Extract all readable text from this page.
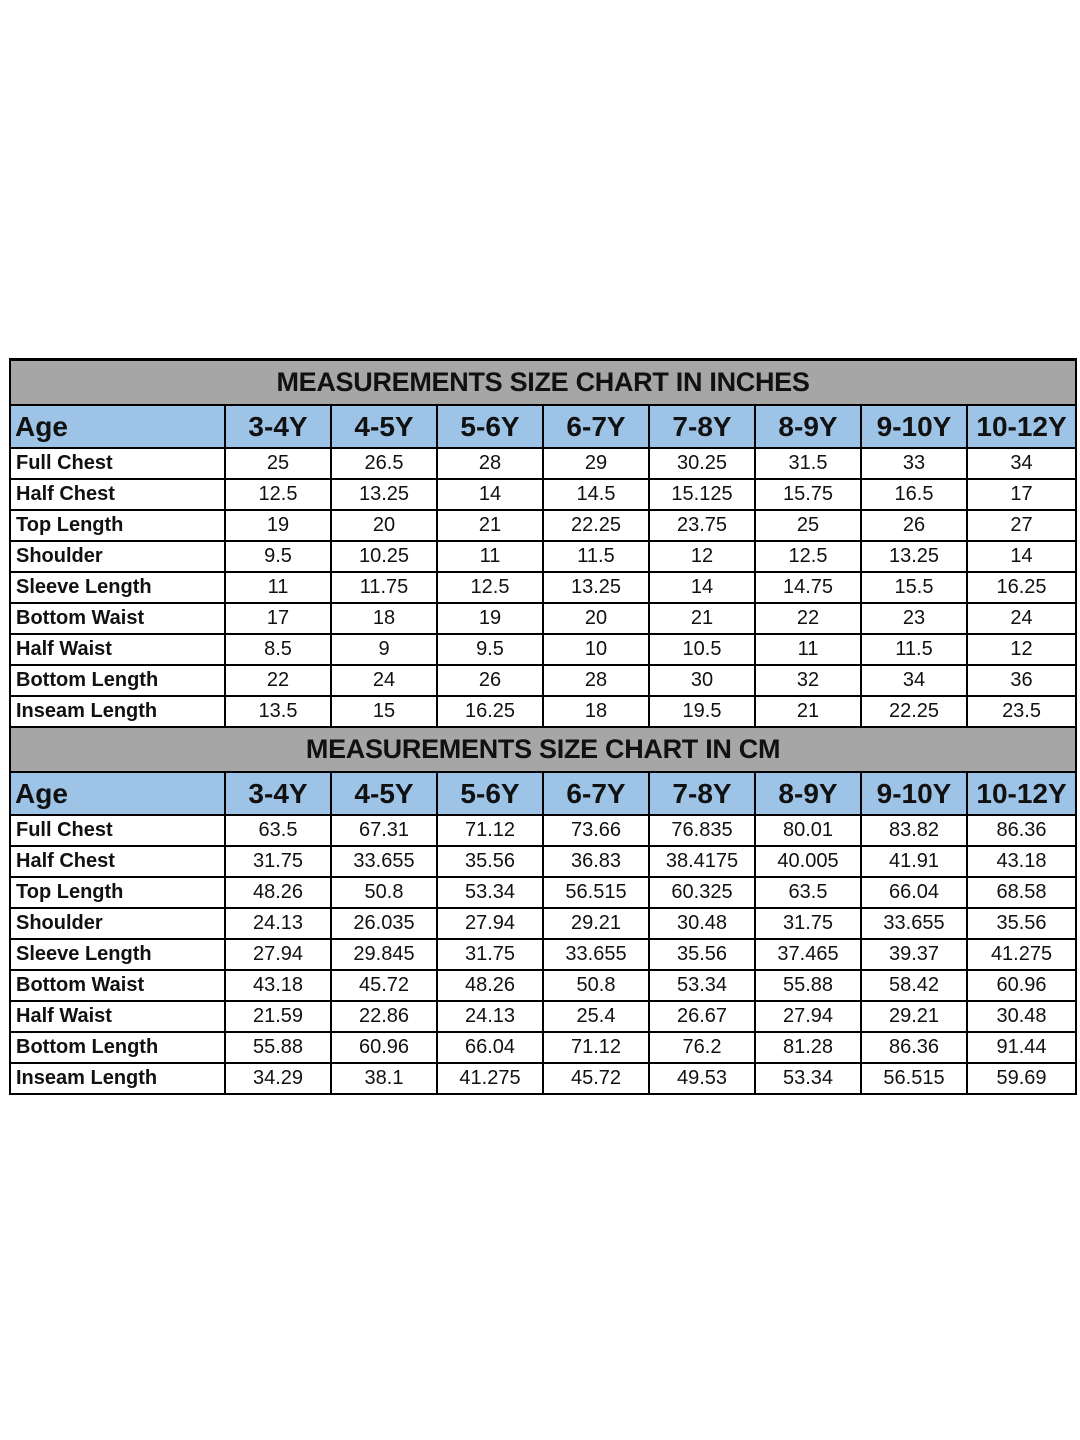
MEASUREMENTS SIZE CHART IN INCHES								
Age	3-4Y	4-5Y	5-6Y	6-7Y	7-8Y	8-9Y	9-10Y	10-12Y
Full Chest	25	26.5	28	29	30.25	31.5	33	34
Half Chest	12.5	13.25	14	14.5	15.125	15.75	16.5	17
Top Length	19	20	21	22.25	23.75	25	26	27
Shoulder	9.5	10.25	11	11.5	12	12.5	13.25	14
Sleeve Length	11	11.75	12.5	13.25	14	14.75	15.5	16.25
Bottom Waist	17	18	19	20	21	22	23	24
Half Waist	8.5	9	9.5	10	10.5	11	11.5	12
Bottom Length	22	24	26	28	30	32	34	36
Inseam Length	13.5	15	16.25	18	19.5	21	22.25	23.5
MEASUREMENTS SIZE CHART IN CM								
Age	3-4Y	4-5Y	5-6Y	6-7Y	7-8Y	8-9Y	9-10Y	10-12Y
Full Chest	63.5	67.31	71.12	73.66	76.835	80.01	83.82	86.36
Half Chest	31.75	33.655	35.56	36.83	38.4175	40.005	41.91	43.18
Top Length	48.26	50.8	53.34	56.515	60.325	63.5	66.04	68.58
Shoulder	24.13	26.035	27.94	29.21	30.48	31.75	33.655	35.56
Sleeve Length	27.94	29.845	31.75	33.655	35.56	37.465	39.37	41.275
Bottom Waist	43.18	45.72	48.26	50.8	53.34	55.88	58.42	60.96
Half Waist	21.59	22.86	24.13	25.4	26.67	27.94	29.21	30.48
Bottom Length	55.88	60.96	66.04	71.12	76.2	81.28	86.36	91.44
Inseam Length	34.29	38.1	41.275	45.72	49.53	53.34	56.515	59.69
